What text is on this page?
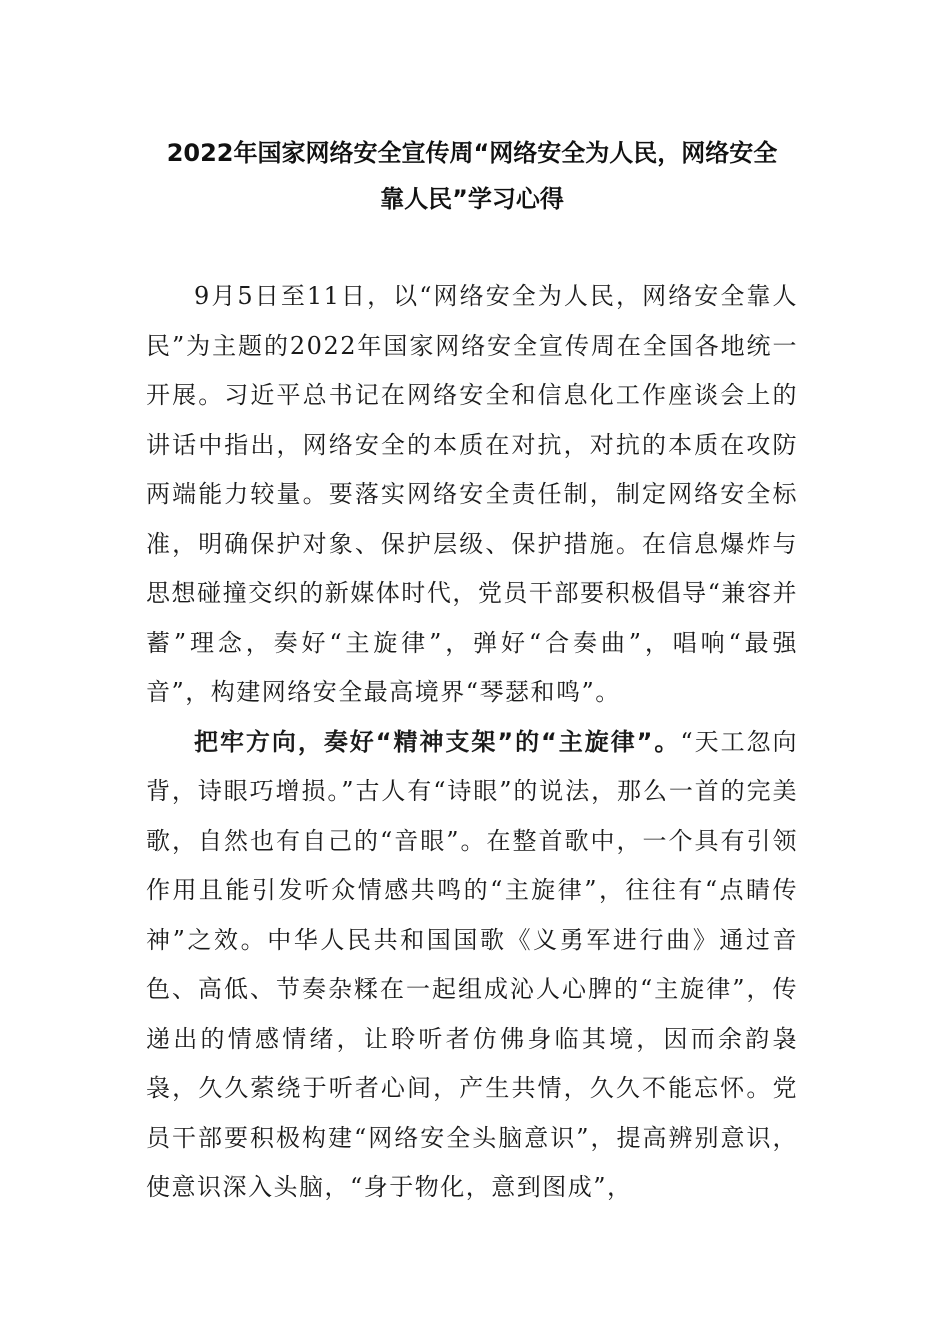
2022年国家网络安全宣传周“网络安全为人民，网络安全
靠人民”学习心得

9月5日至11日，以“网络安全为人民，网络安全靠人民”为主题的2022年国家网络安全宣传周在全国各地统一开展。习近平总书记在网络安全和信息化工作座谈会上的讲话中指出，网络安全的本质在对抗，对抗的本质在攻防两端能力较量。要落实网络安全责任制，制定网络安全标准，明确保护对象、保护层级、保护措施。在信息爆炸与思想碰撞交织的新媒体时代，党员干部要积极倡导“兼容并蓄”理念，奏好“主旋律”，弹好“合奏曲”，唱响“最强音”，构建网络安全最高境界“琴瑟和鸣”。

把牢方向，奏好“精神支架”的“主旋律”。“天工忽向背，诗眼巧增损。”古人有“诗眼”的说法，那么一首的完美歌，自然也有自己的“音眼”。在整首歌中，一个具有引领作用且能引发听众情感共鸣的“主旋律”，往往有“点睛传神”之效。中华人民共和国国歌《义勇军进行曲》通过音色、高低、节奏杂糅在一起组成沁人心脾的“主旋律”，传递出的情感情绪，让聆听者仿佛身临其境，因而余韵袅袅，久久萦绕于听者心间，产生共情，久久不能忘怀。党员干部要积极构建“网络安全头脑意识”，提高辨别意识，使意识深入头脑，“身于物化，意到图成”，
